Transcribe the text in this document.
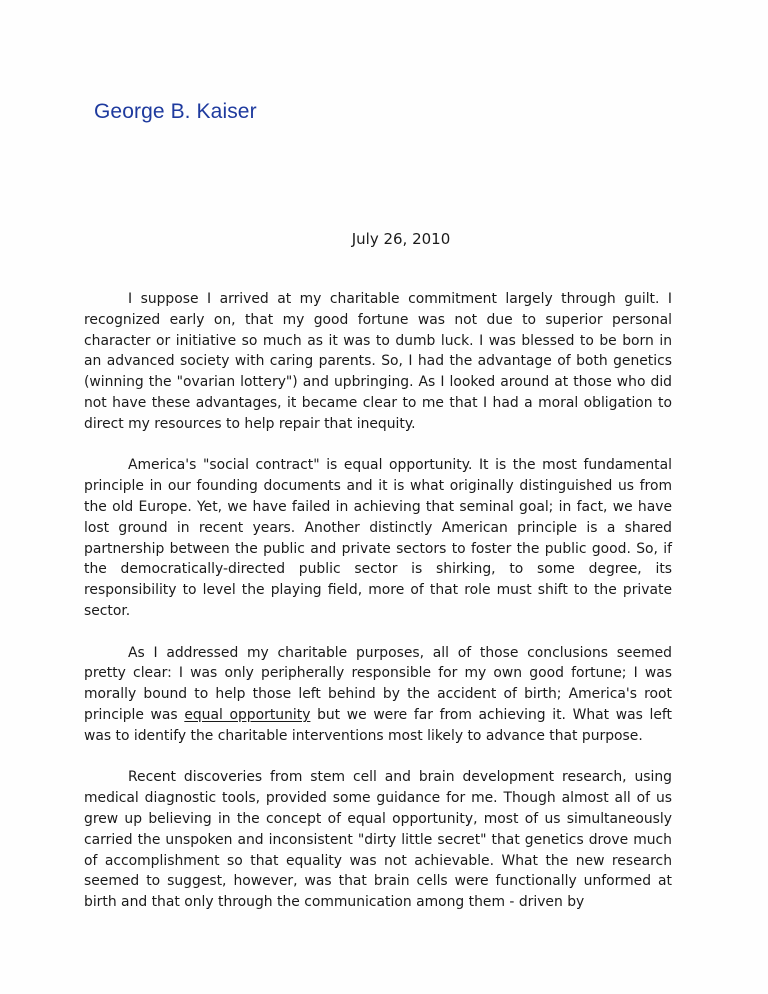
George B. Kaiser
July 26, 2010

I suppose I arrived at my charitable commitment largely through guilt. I recognized early on, that my good fortune was not due to superior personal character or initiative so much as it was to dumb luck. I was blessed to be born in an advanced society with caring parents. So, I had the advantage of both genetics (winning the "ovarian lottery") and upbringing. As I looked around at those who did not have these advantages, it became clear to me that I had a moral obligation to direct my resources to help repair that inequity.

America's "social contract" is equal opportunity. It is the most fundamental principle in our founding documents and it is what originally distinguished us from the old Europe. Yet, we have failed in achieving that seminal goal; in fact, we have lost ground in recent years. Another distinctly American principle is a shared partnership between the public and private sectors to foster the public good. So, if the democratically-directed public sector is shirking, to some degree, its responsibility to level the playing field, more of that role must shift to the private sector.

As I addressed my charitable purposes, all of those conclusions seemed pretty clear: I was only peripherally responsible for my own good fortune; I was morally bound to help those left behind by the accident of birth; America's root principle was equal opportunity but we were far from achieving it. What was left was to identify the charitable interventions most likely to advance that purpose.

Recent discoveries from stem cell and brain development research, using medical diagnostic tools, provided some guidance for me. Though almost all of us grew up believing in the concept of equal opportunity, most of us simultaneously carried the unspoken and inconsistent "dirty little secret" that genetics drove much of accomplishment so that equality was not achievable. What the new research seemed to suggest, however, was that brain cells were functionally unformed at birth and that only through the communication among them - driven by
